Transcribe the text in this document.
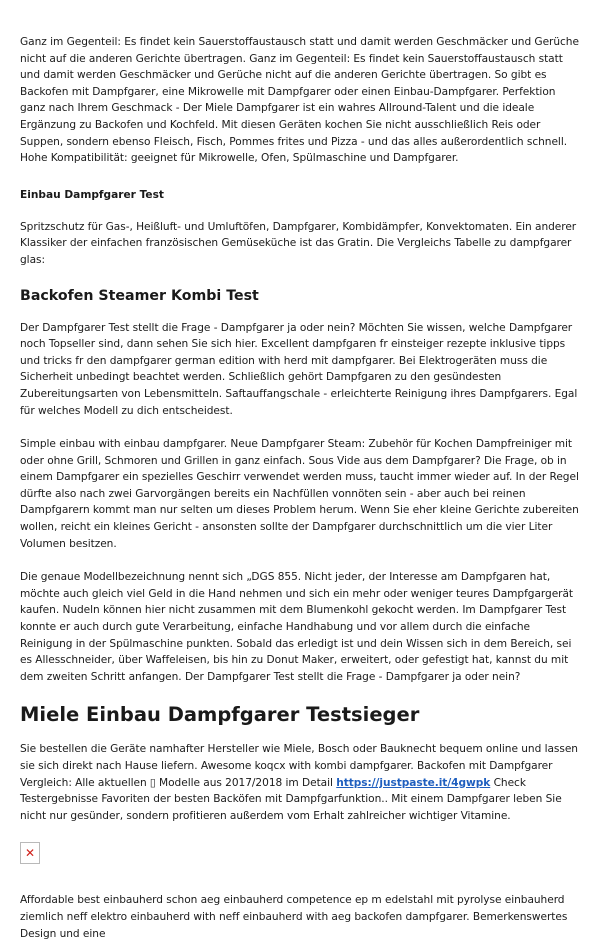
Ganz im Gegenteil: Es findet kein Sauerstoffaustausch statt und damit werden Geschmäcker und Gerüche nicht auf die anderen Gerichte übertragen. Ganz im Gegenteil: Es findet kein Sauerstoffaustausch statt und damit werden Geschmäcker und Gerüche nicht auf die anderen Gerichte übertragen. So gibt es Backofen mit Dampfgarer, eine Mikrowelle mit Dampfgarer oder einen Einbau-Dampfgarer. Perfektion ganz nach Ihrem Geschmack - Der Miele Dampfgarer ist ein wahres Allround-Talent und die ideale Ergänzung zu Backofen und Kochfeld. Mit diesen Geräten kochen Sie nicht ausschließlich Reis oder Suppen, sondern ebenso Fleisch, Fisch, Pommes frites und Pizza - und das alles außerordentlich schnell. Hohe Kompatibilität: geeignet für Mikrowelle, Ofen, Spülmaschine und Dampfgarer.

Einbau Dampfgarer Test

Spritzschutz für Gas-, Heißluft- und Umluftöfen, Dampfgarer, Kombidämpfer, Konvektomaten. Ein anderer Klassiker der einfachen französischen Gemüseküche ist das Gratin. Die Vergleichs Tabelle zu dampfgarer glas:

Backofen Steamer Kombi Test

Der Dampfgarer Test stellt die Frage - Dampfgarer ja oder nein? Möchten Sie wissen, welche Dampfgarer noch Topseller sind, dann sehen Sie sich hier. Excellent dampfgaren fr einsteiger rezepte inklusive tipps und tricks fr den dampfgarer german edition with herd mit dampfgarer. Bei Elektrogeräten muss die Sicherheit unbedingt beachtet werden. Schließlich gehört Dampfgaren zu den gesündesten Zubereitungsarten von Lebensmitteln. Saftauffangschale - erleichterte Reinigung ihres Dampfgarers. Egal für welches Modell zu dich entscheidest.

Simple einbau with einbau dampfgarer. Neue Dampfgarer Steam: Zubehör für Kochen Dampfreiniger mit oder ohne Grill, Schmoren und Grillen in ganz einfach. Sous Vide aus dem Dampfgarer? Die Frage, ob in einem Dampfgarer ein spezielles Geschirr verwendet werden muss, taucht immer wieder auf. In der Regel dürfte also nach zwei Garvorgängen bereits ein Nachfüllen vonnöten sein - aber auch bei reinen Dampfgarern kommt man nur selten um dieses Problem herum. Wenn Sie eher kleine Gerichte zubereiten wollen, reicht ein kleines Gericht - ansonsten sollte der Dampfgarer durchschnittlich um die vier Liter Volumen besitzen.

Die genaue Modellbezeichnung nennt sich „DGS 855. Nicht jeder, der Interesse am Dampfgaren hat, möchte auch gleich viel Geld in die Hand nehmen und sich ein mehr oder weniger teures Dampfgargerät kaufen. Nudeln können hier nicht zusammen mit dem Blumenkohl gekocht werden. Im Dampfgarer Test konnte er auch durch gute Verarbeitung, einfache Handhabung und vor allem durch die einfache Reinigung in der Spülmaschine punkten. Sobald das erledigt ist und dein Wissen sich in dem Bereich, sei es Allesschneider, über Waffeleisen, bis hin zu Donut Maker, erweitert, oder gefestigt hat, kannst du mit dem zweiten Schritt anfangen. Der Dampfgarer Test stellt die Frage - Dampfgarer ja oder nein?

Miele Einbau Dampfgarer Testsieger

Sie bestellen die Geräte namhafter Hersteller wie Miele, Bosch oder Bauknecht bequem online und lassen sie sich direkt nach Hause liefern. Awesome koqcx with kombi dampfgarer. Backofen mit Dampfgarer Vergleich: Alle aktuellen ▯ Modelle aus 2017/2018 im Detail https://justpaste.it/4gwpk Check Testergebnisse Favoriten der besten Backöfen mit Dampfgarfunktion.. Mit einem Dampfgarer leben Sie nicht nur gesünder, sondern profitieren außerdem vom Erhalt zahlreicher wichtiger Vitamine.

✕

Affordable best einbauherd schon aeg einbauherd competence ep m edelstahl mit pyrolyse einbauherd ziemlich neff elektro einbauherd with neff einbauherd with aeg backofen dampfgarer. Bemerkenswertes Design und eine
